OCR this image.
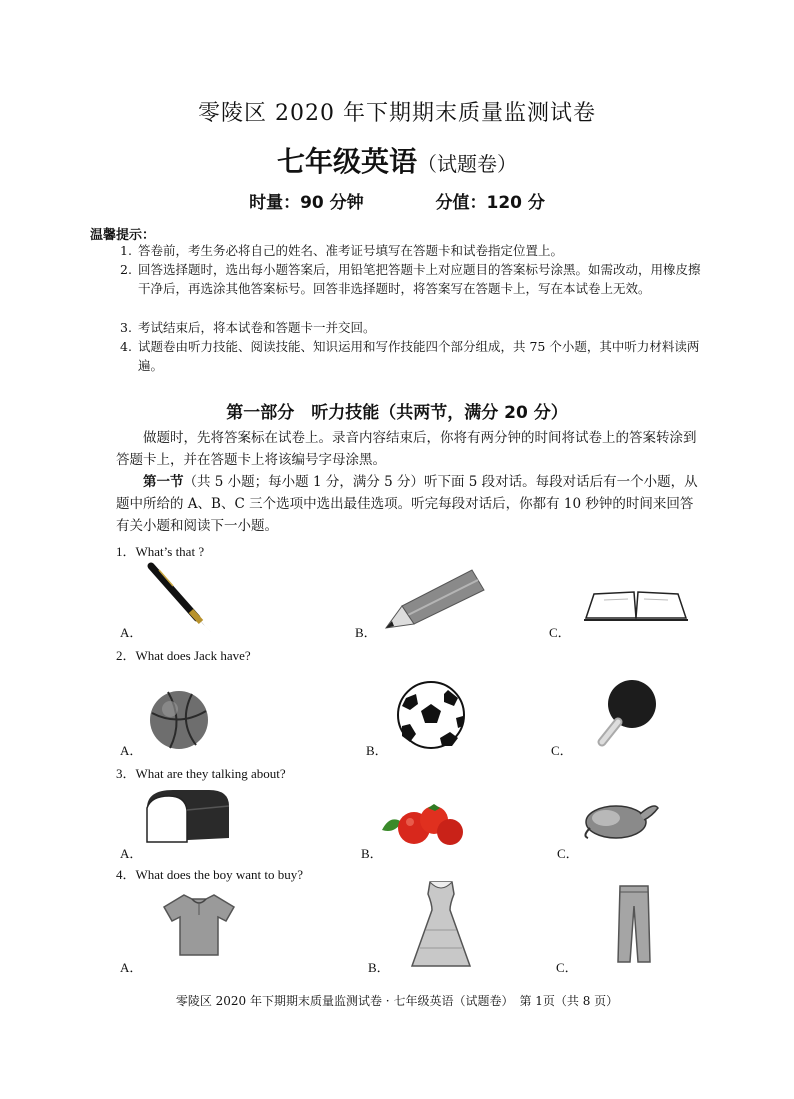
零陵区 2020 年下期期末质量监测试卷
七年级英语（试题卷）
时量：90 分钟	分值：120 分
温馨提示：
1. 答卷前，考生务必将自己的姓名、准考证号填写在答题卡和试卷指定位置上。
2. 回答选择题时，选出每小题答案后，用铅笔把答题卡上对应题目的答案标号涂黑。如需改动，用橡皮擦干净后，再选涂其他答案标号。回答非选择题时，将答案写在答题卡上，写在本试卷上无效。
3. 考试结束后，将本试卷和答题卡一并交回。
4. 试题卷由听力技能、阅读技能、知识运用和写作技能四个部分组成，共 75 个小题，其中听力材料读两遍。
第一部分　听力技能（共两节，满分 20 分）
做题时，先将答案标在试卷上。录音内容结束后，你将有两分钟的时间将试卷上的答案转涂到答题卡上，并在答题卡上将该编号字母涂黑。
第一节（共 5 小题；每小题 1 分，满分 5 分）听下面 5 段对话。每段对话后有一个小题，从题中所给的 A、B、C 三个选项中选出最佳选项。听完每段对话后，你都有 10 秒钟的时间来回答有关小题和阅读下一小题。
1．What’s that ?
A．	B．	C．
2．What does Jack have?
A．	B．	C．
3．What are they talking about?
A．	B．	C．
4．What does the boy want to buy?
A．	B．	C．
零陵区 2020 年下期期末质量监测试卷 · 七年级英语（试题卷）　第 1页（共 8 页）
